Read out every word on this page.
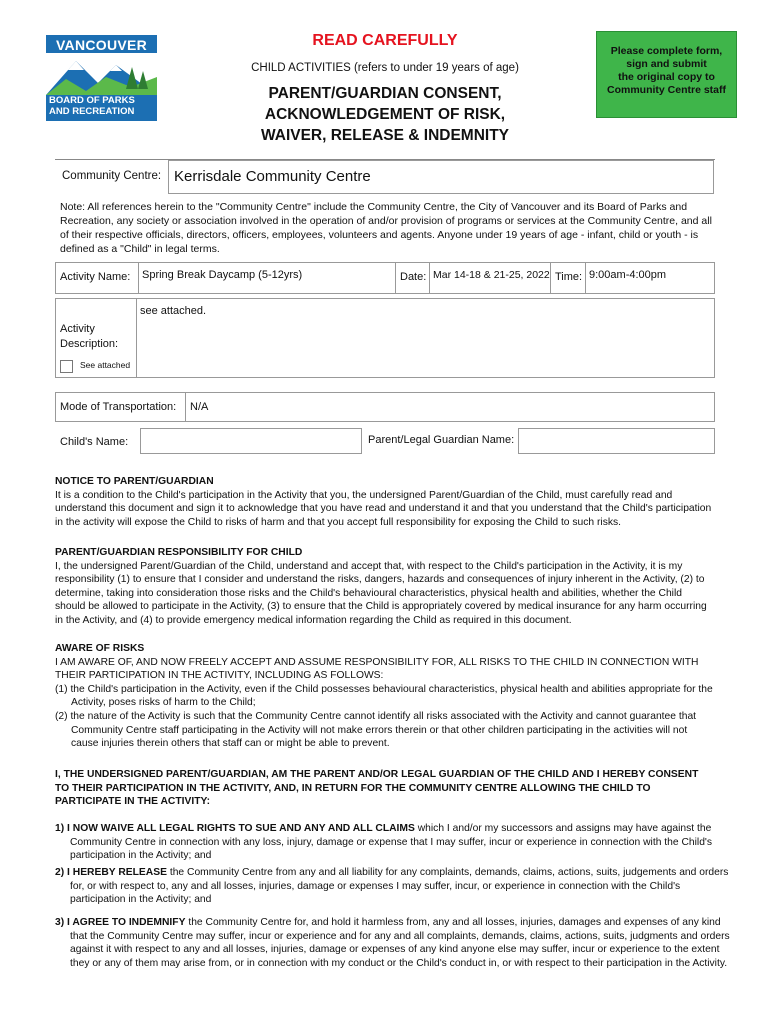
VANCOUVER
BOARD OF PARKS
AND RECREATION
READ CAREFULLY
CHILD ACTIVITIES (refers to under 19 years of age)
PARENT/GUARDIAN CONSENT,
ACKNOWLEDGEMENT OF RISK,
WAIVER, RELEASE & INDEMNITY
Please complete form,
sign and submit
the original copy to
Community Centre staff
Community Centre: Kerrisdale Community Centre
Note: All references herein to the "Community Centre" include the Community Centre, the City of Vancouver and its Board of Parks and Recreation, any society or association involved in the operation of and/or provision of programs or services at the Community Centre, and all of their respective officials, directors, officers, employees, volunteers and agents. Anyone under 19 years of age - infant, child or youth - is defined as a "Child" in legal terms.
Activity Name: Spring Break Daycamp (5-12yrs)	Date: Mar 14-18 & 21-25, 2022 Time: 9:00am-4:00pm
see attached.
Activity
Description:
See attached
Mode of Transportation: N/A
Child's Name:	Parent/Legal Guardian Name:
NOTICE TO PARENT/GUARDIAN

It is a condition to the Child's participation in the Activity that you, the undersigned Parent/Guardian of the Child, must carefully read and understand this document and sign it to acknowledge that you have read and understand it and that you understand that the Child's participation in the activity will expose the Child to risks of harm and that you accept full responsibility for exposing the Child to such risks.

PARENT/GUARDIAN RESPONSIBILITY FOR CHILD

I, the undersigned Parent/Guardian of the Child, understand and accept that, with respect to the Child's participation in the Activity, it is my responsibility (1) to ensure that I consider and understand the risks, dangers, hazards and consequences of injury inherent in the Activity, (2) to determine, taking into consideration those risks and the Child's behavioural characteristics, physical health and abilities, whether the Child should be allowed to participate in the Activity, (3) to ensure that the Child is appropriately covered by medical insurance for any harm occurring in the Activity, and (4) to provide emergency medical information regarding the Child as required in this document.

AWARE OF RISKS

I AM AWARE OF, AND NOW FREELY ACCEPT AND ASSUME RESPONSIBILITY FOR, ALL RISKS TO THE CHILD IN CONNECTION WITH THEIR PARTICIPATION IN THE ACTIVITY, INCLUDING AS FOLLOWS:

(1) the Child's participation in the Activity, even if the Child possesses behavioural characteristics, physical health and abilities appropriate for the Activity, poses risks of harm to the Child;

(2) the nature of the Activity is such that the Community Centre cannot identify all risks associated with the Activity and cannot guarantee that Community Centre staff participating in the Activity will not make errors therein or that other children participating in the activities will not cause injuries therein others that staff can or might be able to prevent.

I, THE UNDERSIGNED PARENT/GUARDIAN, AM THE PARENT AND/OR LEGAL GUARDIAN OF THE CHILD AND I HEREBY CONSENT TO THEIR PARTICIPATION IN THE ACTIVITY, AND, IN RETURN FOR THE COMMUNITY CENTRE ALLOWING THE CHILD TO PARTICIPATE IN THE ACTIVITY:
1) I NOW WAIVE ALL LEGAL RIGHTS TO SUE AND ANY AND ALL CLAIMS which I and/or my successors and assigns may have against the Community Centre in connection with any loss, injury, damage or expense that I may suffer, incur or experience in connection with the Child's participation in the Activity; and
2) I HEREBY RELEASE the Community Centre from any and all liability for any complaints, demands, claims, actions, suits, judgements and orders for, or with respect to, any and all losses, injuries, damage or expenses I may suffer, incur, or experience in connection with the Child's participation in the Activity; and
3) I AGREE TO INDEMNIFY the Community Centre for, and hold it harmless from, any and all losses, injuries, damages and expenses of any kind that the Community Centre may suffer, incur or experience and for any and all complaints, demands, claims, actions, suits, judgments and orders against it with respect to any and all losses, injuries, damage or expenses of any kind anyone else may suffer, incur or experience to the extent they or any of them may arise from, or in connection with my conduct or the Child's conduct in, or with respect to their participation in the Activity.
